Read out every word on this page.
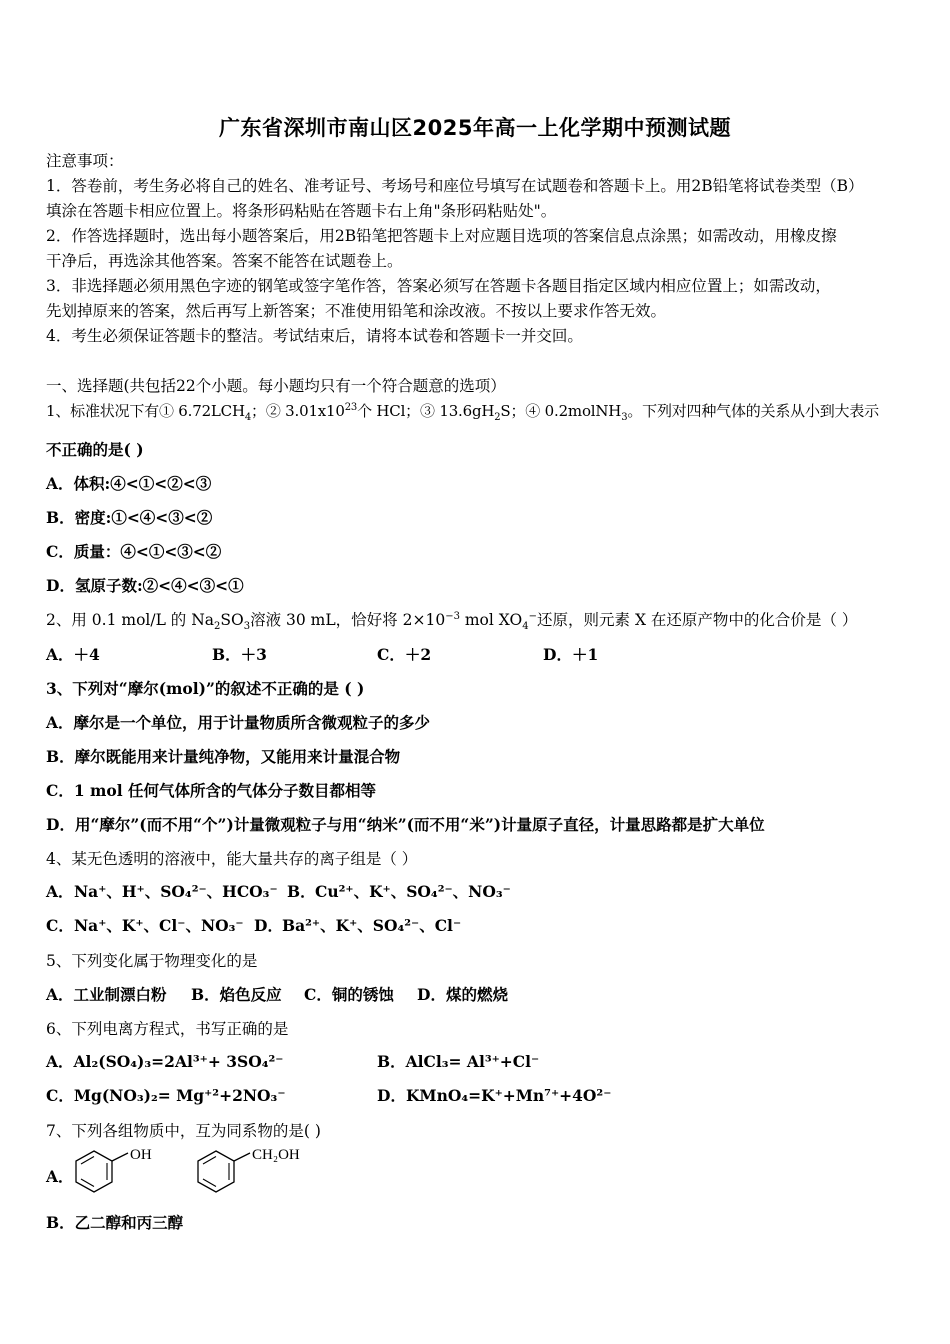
广东省深圳市南山区2025年高一上化学期中预测试题
注意事项：
1．答卷前，考生务必将自己的姓名、准考证号、考场号和座位号填写在试题卷和答题卡上。用2B铅笔将试卷类型（B）
填涂在答题卡相应位置上。将条形码粘贴在答题卡右上角"条形码粘贴处"。
2．作答选择题时，选出每小题答案后，用2B铅笔把答题卡上对应题目选项的答案信息点涂黑；如需改动，用橡皮擦
干净后，再选涂其他答案。答案不能答在试题卷上。
3．非选择题必须用黑色字迹的钢笔或签字笔作答，答案必须写在答题卡各题目指定区域内相应位置上；如需改动，
先划掉原来的答案，然后再写上新答案；不准使用铅笔和涂改液。不按以上要求作答无效。
4．考生必须保证答题卡的整洁。考试结束后，请将本试卷和答题卡一并交回。
一、选择题(共包括22个小题。每小题均只有一个符合题意的选项）
1、标准状况下有① $6.72LCH_4$；② $3.01x10^{23}$个 HCl；③ $13.6gH_2S$；④ 0.2molNH$_3$。下列对四种气体的关系从小到大表示
不正确的是( )
A．体积:④<①<②<③
B．密度:①<④<③<②
C．质量：④<①<③<②
D．氢原子数:②<④<③<①
2、用 0.1 mol/L 的 $Na_2SO_3$溶液 30 mL，恰好将 $2\times 10^{-3}$ mol $XO_4^-$还原，则元素 X 在还原产物中的化合价是（ ）
A．＋4	B．＋3	C．＋2	D．＋1
3、下列对“摩尔(mol)”的叙述不正确的是 ( )
A．摩尔是一个单位，用于计量物质所含微观粒子的多少
B．摩尔既能用来计量纯净物，又能用来计量混合物
C．1 mol 任何气体所含的气体分子数目都相等
D．用“摩尔”(而不用“个”)计量微观粒子与用“纳米”(而不用“米”)计量原子直径，计量思路都是扩大单位
4、某无色透明的溶液中，能大量共存的离子组是（ ）
A． Na⁺、H⁺、SO₄²⁻、HCO₃⁻ B． Cu²⁺、K⁺、SO₄²⁻、NO₃⁻
C． Na⁺、K⁺、Cl⁻、NO₃⁻ D． Ba²⁺、K⁺、SO₄²⁻、Cl⁻
5、下列变化属于物理变化的是
A．工业制漂白粉 B．焰色反应 C．铜的锈蚀 D．煤的燃烧
6、下列电离方程式，书写正确的是
A．Al₂(SO₄)₃=2Al³⁺+ 3SO₄²⁻	B．AlCl₃= Al³⁺+Cl⁻
C．Mg(NO₃)₂= Mg⁺²+2NO₃⁻	D．KMnO₄=K⁺+Mn⁷⁺+4O²⁻
7、下列各组物质中，互为同系物的是( )
A．
OH	CH₂OH
B．乙二醇和丙三醇
